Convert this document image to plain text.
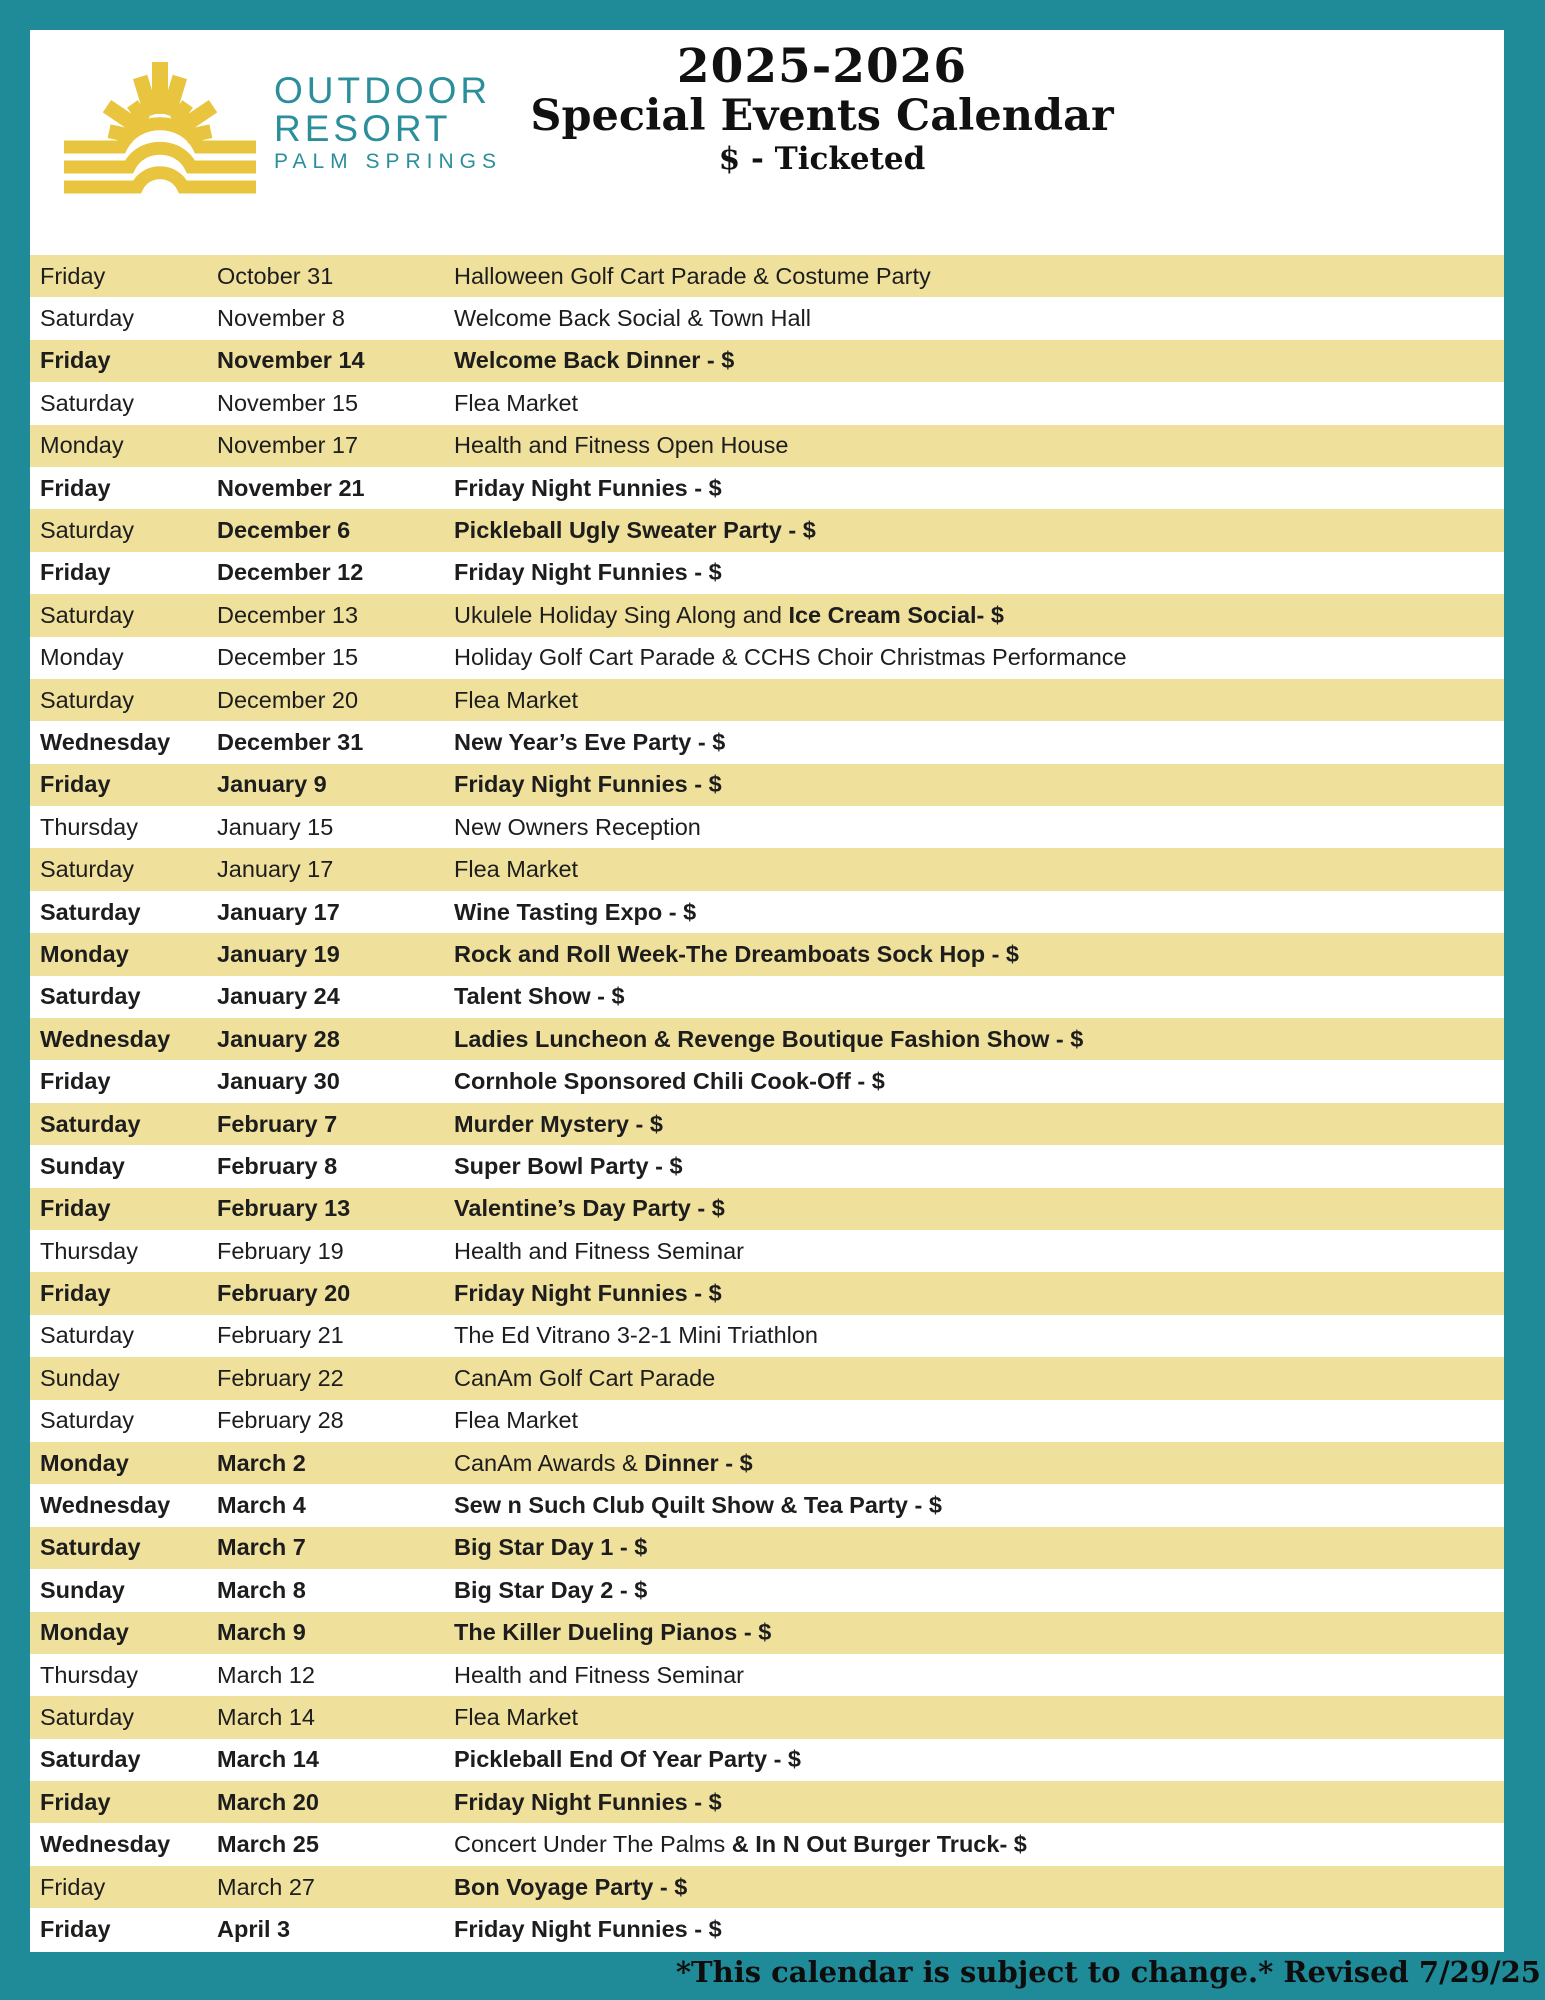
OUTDOOR
RESORT
PALM SPRINGS
2025-2026
Special Events Calendar
$ - Ticketed
Friday	October 31	Halloween Golf Cart Parade & Costume Party
Saturday	November 8	Welcome Back Social & Town Hall
Friday	November 14	Welcome Back Dinner - $
Saturday	November 15	Flea Market
Monday	November 17	Health and Fitness Open House
Friday	November 21	Friday Night Funnies - $
Saturday	December 6	Pickleball Ugly Sweater Party - $
Friday	December 12	Friday Night Funnies - $
Saturday	December 13	Ukulele Holiday Sing Along and Ice Cream Social- $
Monday	December 15	Holiday Golf Cart Parade & CCHS Choir Christmas Performance
Saturday	December 20	Flea Market
Wednesday	December 31	New Year’s Eve Party - $
Friday	January 9	Friday Night Funnies - $
Thursday	January 15	New Owners Reception
Saturday	January 17	Flea Market
Saturday	January 17	Wine Tasting Expo - $
Monday	January 19	Rock and Roll Week-The Dreamboats Sock Hop - $
Saturday	January 24	Talent Show - $
Wednesday	January 28	Ladies Luncheon & Revenge Boutique Fashion Show - $
Friday	January 30	Cornhole Sponsored Chili Cook-Off - $
Saturday	February 7	Murder Mystery - $
Sunday	February 8	Super Bowl Party - $
Friday	February 13	Valentine’s Day Party - $
Thursday	February 19	Health and Fitness Seminar
Friday	February 20	Friday Night Funnies - $
Saturday	February 21	The Ed Vitrano 3-2-1 Mini Triathlon
Sunday	February 22	CanAm Golf Cart Parade
Saturday	February 28	Flea Market
Monday	March 2	CanAm Awards & Dinner - $
Wednesday	March 4	Sew n Such Club Quilt Show & Tea Party - $
Saturday	March 7	Big Star Day 1 - $
Sunday	March 8	Big Star Day 2 - $
Monday	March 9	The Killer Dueling Pianos - $
Thursday	March 12	Health and Fitness Seminar
Saturday	March 14	Flea Market
Saturday	March 14	Pickleball End Of Year Party - $
Friday	March 20	Friday Night Funnies - $
Wednesday	March 25	Concert Under The Palms & In N Out Burger Truck- $
Friday	March 27	Bon Voyage Party - $
Friday	April 3	Friday Night Funnies - $
*This calendar is subject to change.* Revised 7/29/25
